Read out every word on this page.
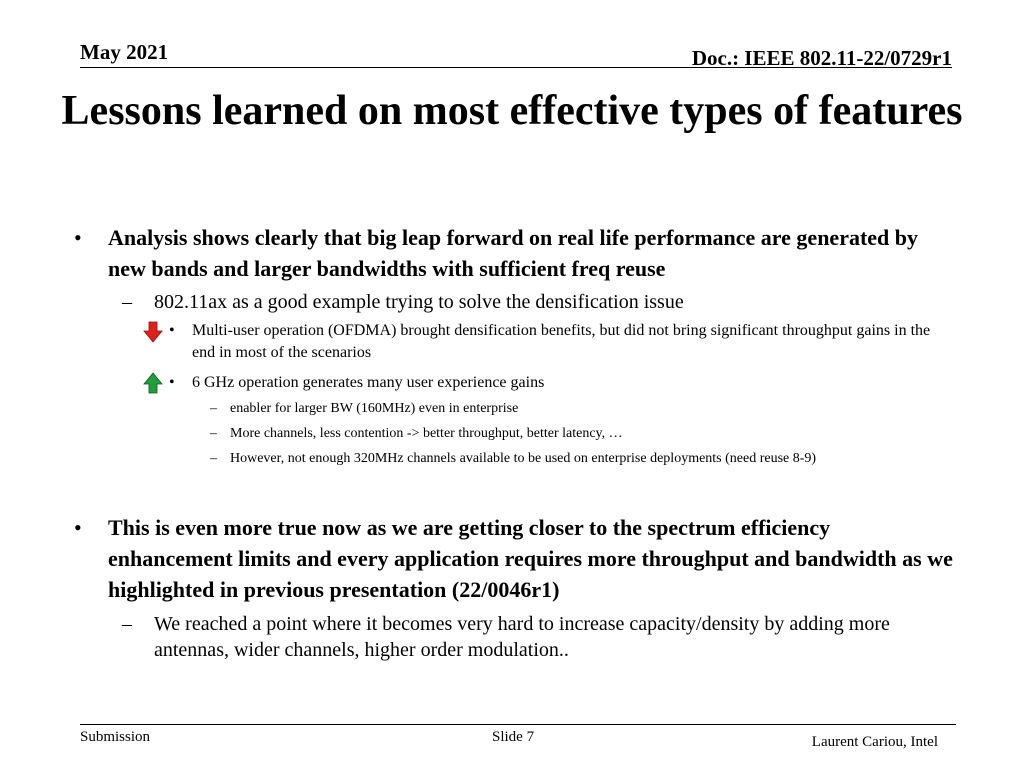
May 2021	Doc.: IEEE 802.11-22/0729r1
Lessons learned on most effective types of features
• Analysis shows clearly that big leap forward on real life performance are generated by new bands and larger bandwidths with sufficient freq reuse
– 802.11ax as a good example trying to solve the densification issue
• Multi-user operation (OFDMA) brought densification benefits, but did not bring significant throughput gains in the end in most of the scenarios
• 6 GHz operation generates many user experience gains
– enabler for larger BW (160MHz) even in enterprise
– More channels, less contention -> better throughput, better latency, …
– However, not enough 320MHz channels available to be used on enterprise deployments (need reuse 8-9)
• This is even more true now as we are getting closer to the spectrum efficiency enhancement limits and every application requires more throughput and bandwidth as we highlighted in previous presentation (22/0046r1)
– We reached a point where it becomes very hard to increase capacity/density by adding more antennas, wider channels, higher order modulation..
Submission	Slide 7	Laurent Cariou, Intel
